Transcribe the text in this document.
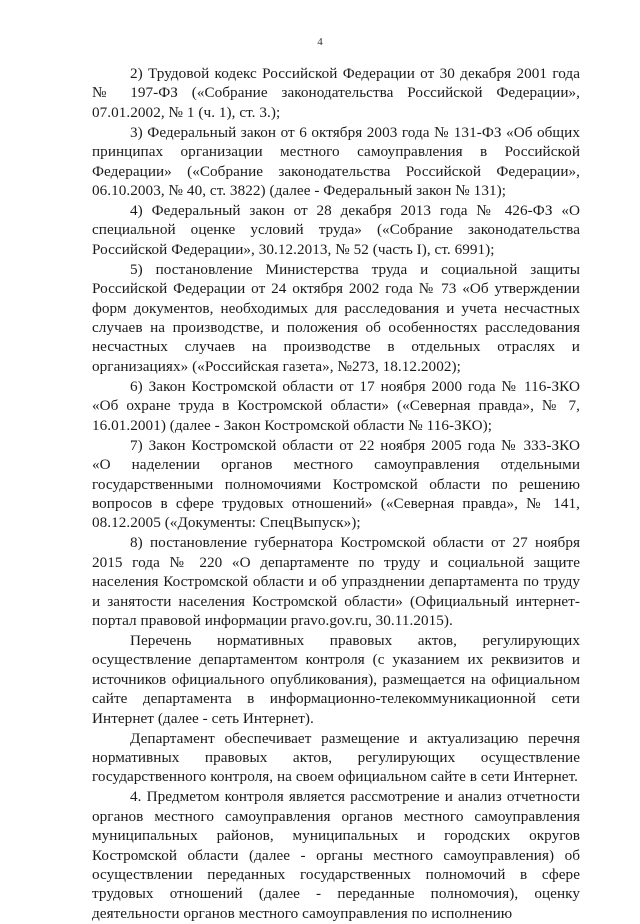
4

2) Трудовой кодекс Российской Федерации от 30 декабря 2001 года № 197-ФЗ («Собрание законодательства Российской Федерации», 07.01.2002, № 1 (ч. 1), ст. 3.);

3) Федеральный закон от 6 октября 2003 года № 131-ФЗ «Об общих принципах организации местного самоуправления в Российской Федерации» («Собрание законодательства Российской Федерации», 06.10.2003, № 40, ст. 3822) (далее - Федеральный закон № 131);

4) Федеральный закон от 28 декабря 2013 года № 426-ФЗ «О специальной оценке условий труда» («Собрание законодательства Российской Федерации», 30.12.2013, № 52 (часть I), ст. 6991);

5) постановление Министерства труда и социальной защиты Российской Федерации от 24 октября 2002 года № 73 «Об утверждении форм документов, необходимых для расследования и учета несчастных случаев на производстве, и положения об особенностях расследования несчастных случаев на производстве в отдельных отраслях и организациях» («Российская газета», №273, 18.12.2002);

6) Закон Костромской области от 17 ноября 2000 года № 116-ЗКО «Об охране труда в Костромской области» («Северная правда», № 7, 16.01.2001) (далее - Закон Костромской области № 116-ЗКО);

7) Закон Костромской области от 22 ноября 2005 года № 333-ЗКО «О наделении органов местного самоуправления отдельными государственными полномочиями Костромской области по решению вопросов в сфере трудовых отношений» («Северная правда», № 141, 08.12.2005 («Документы: СпецВыпуск»);

8) постановление губернатора Костромской области от 27 ноября 2015 года № 220 «О департаменте по труду и социальной защите населения Костромской области и об упразднении департамента по труду и занятости населения Костромской области» (Официальный интернет-портал правовой информации pravo.gov.ru, 30.11.2015).

Перечень нормативных правовых актов, регулирующих осуществление департаментом контроля (с указанием их реквизитов и источников официального опубликования), размещается на официальном сайте департамента в информационно-телекоммуникационной сети Интернет (далее - сеть Интернет).

Департамент обеспечивает размещение и актуализацию перечня нормативных правовых актов, регулирующих осуществление государственного контроля, на своем официальном сайте в сети Интернет.

4. Предметом контроля является рассмотрение и анализ отчетности органов местного самоуправления органов местного самоуправления муниципальных районов, муниципальных и городских округов Костромской области (далее - органы местного самоуправления) об осуществлении переданных государственных полномочий в сфере трудовых отношений (далее - переданные полномочия), оценку деятельности органов местного самоуправления по исполнению
